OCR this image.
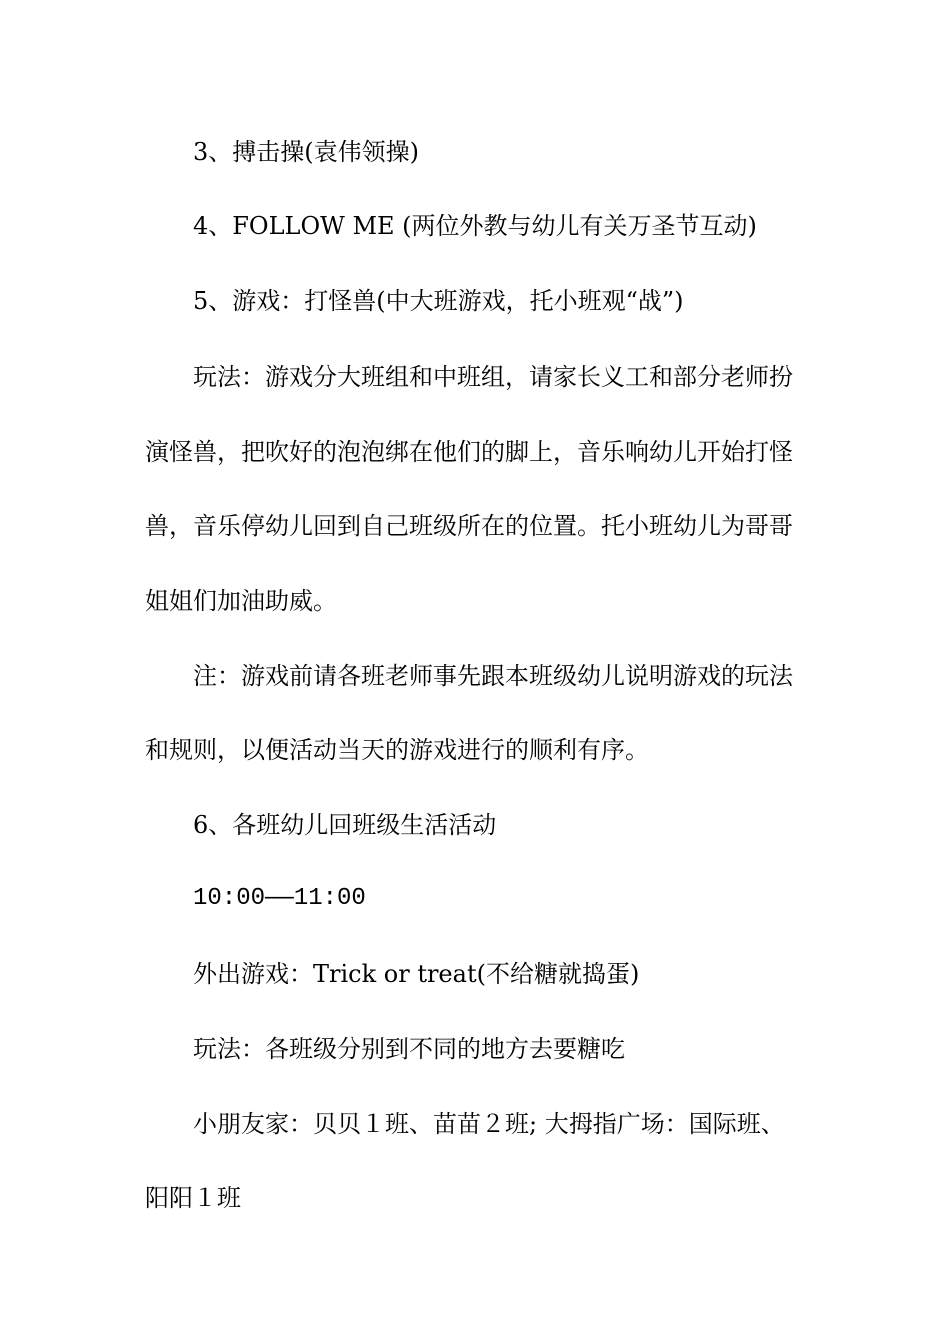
3、搏击操(袁伟领操)
4、FOLLOW ME (两位外教与幼儿有关万圣节互动)
5、游戏：打怪兽(中大班游戏，托小班观“战”)
玩法：游戏分大班组和中班组，请家长义工和部分老师扮
演怪兽，把吹好的泡泡绑在他们的脚上，音乐响幼儿开始打怪
兽，音乐停幼儿回到自己班级所在的位置。托小班幼儿为哥哥
姐姐们加油助威。
注：游戏前请各班老师事先跟本班级幼儿说明游戏的玩法
和规则，以便活动当天的游戏进行的顺利有序。
6、各班幼儿回班级生活活动
10:00——11:00
外出游戏：Trick or treat(不给糖就捣蛋)
玩法：各班级分别到不同的地方去要糖吃
小朋友家：贝贝１班、苗苗２班; 大拇指广场：国际班、
阳阳１班
